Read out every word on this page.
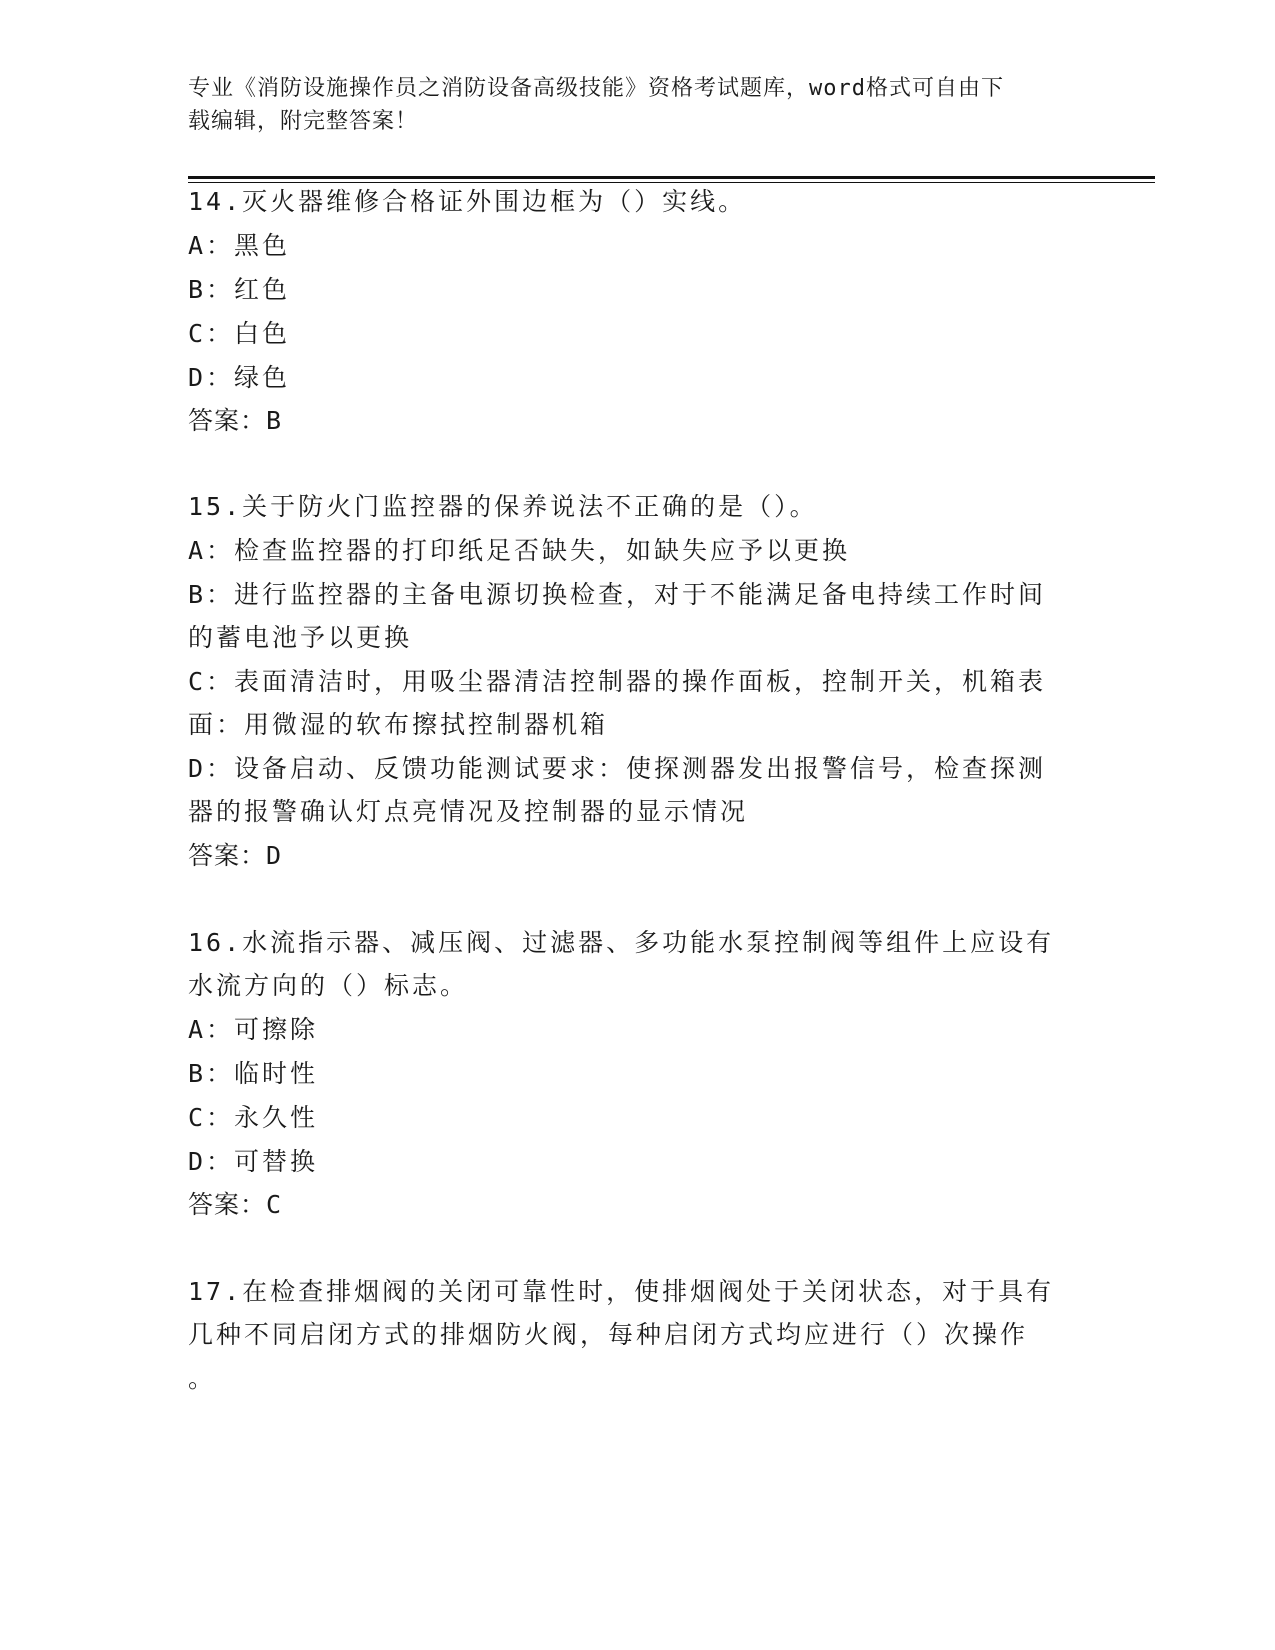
专业《消防设施操作员之消防设备高级技能》资格考试题库，word格式可自由下
载编辑，附完整答案！
14.灭火器维修合格证外围边框为（）实线。
A：黑色
B：红色
C：白色
D：绿色
答案：B
15.关于防火门监控器的保养说法不正确的是（）。
A：检查监控器的打印纸足否缺失，如缺失应予以更换
B：进行监控器的主备电源切换检查，对于不能满足备电持续工作时间
的蓄电池予以更换
C：表面清洁时，用吸尘器清洁控制器的操作面板，控制开关，机箱表
面：用微湿的软布擦拭控制器机箱
D：设备启动、反馈功能测试要求：使探测器发出报警信号，检查探测
器的报警确认灯点亮情况及控制器的显示情况
答案：D
16.水流指示器、减压阀、过滤器、多功能水泵控制阀等组件上应设有
水流方向的（）标志。
A：可擦除
B：临时性
C：永久性
D：可替换
答案：C
17.在检查排烟阀的关闭可靠性时，使排烟阀处于关闭状态，对于具有
几种不同启闭方式的排烟防火阀，每种启闭方式均应进行（）次操作
。
